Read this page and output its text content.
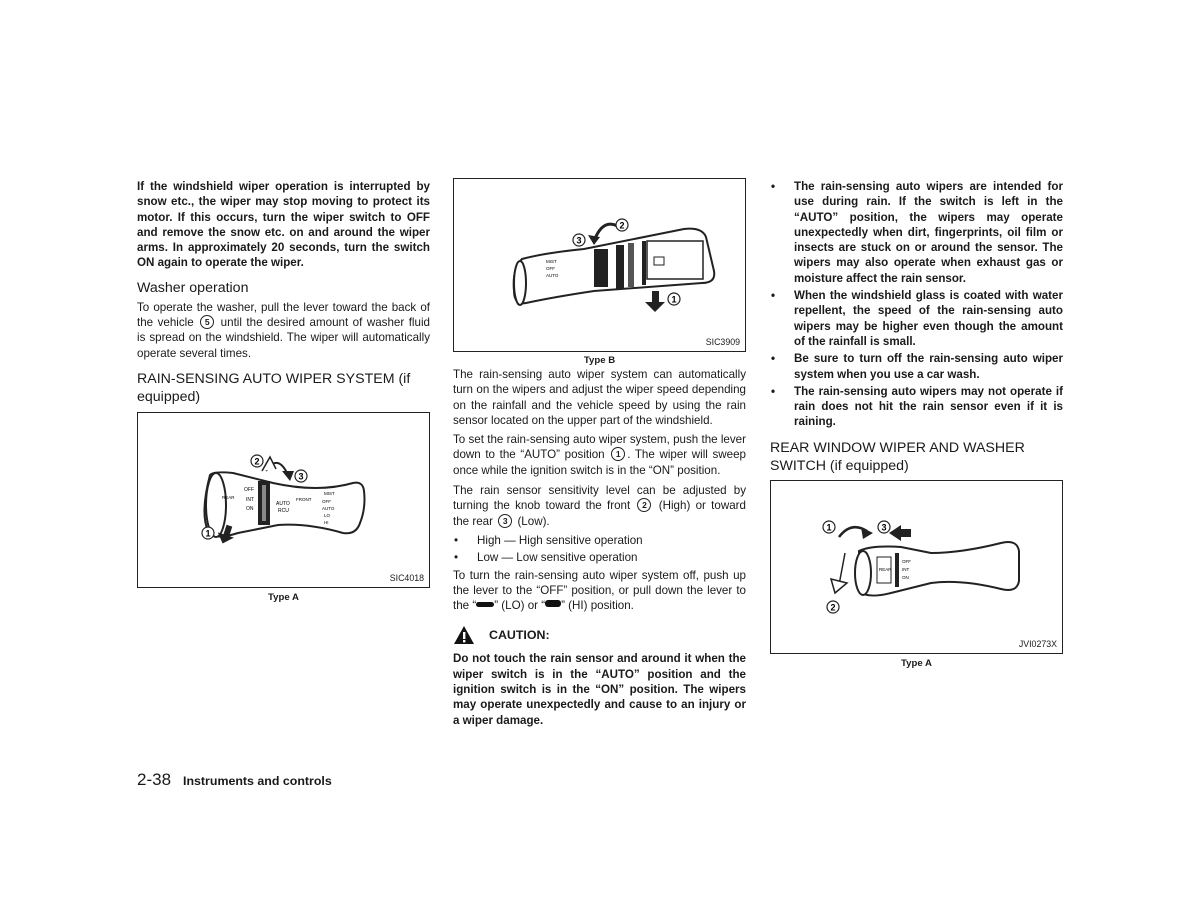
If the windshield wiper operation is interrupted by snow etc., the wiper may stop moving to protect its motor. If this occurs, turn the wiper switch to OFF and remove the snow etc. on and around the wiper arms. In approximately 20 seconds, turn the switch ON again to operate the wiper.

Washer operation

To operate the washer, pull the lever toward the back of the vehicle 5 until the desired amount of washer fluid is spread on the windshield. The wiper will automatically operate several times.

RAIN-SENSING AUTO WIPER SYSTEM (if equipped)
OFF
INT
ON
REAR
AUTO
RCU
FRONT
MIST
OFF
AUTO
LO
HI
2
3
1
SIC4018
Type A
MIST
OFF
AUTO
2
3
1
SIC3909
Type B

The rain-sensing auto wiper system can automatically turn on the wipers and adjust the wiper speed depending on the rainfall and the vehicle speed by using the rain sensor located on the upper part of the windshield.

To set the rain-sensing auto wiper system, push the lever down to the “AUTO” position 1 . The wiper will sweep once while the ignition switch is in the “ON” position.

The rain sensor sensitivity level can be adjusted by turning the knob toward the front 2 (High) or toward the rear 3 (Low).

• High — High sensitive operation
• Low — Low sensitive operation

To turn the rain-sensing auto wiper system off, push up the lever to the “OFF” position, or pull down the lever to the “ ” (LO) or “ ” (HI) position.

CAUTION:

Do not touch the rain sensor and around it when the wiper switch is in the “AUTO” position and the ignition switch is in the “ON” position. The wipers may operate unexpectedly and cause to an injury or a wiper damage.

• The rain-sensing auto wipers are intended for use during rain. If the switch is left in the “AUTO” position, the wipers may operate unexpectedly when dirt, fingerprints, oil film or insects are stuck on or around the sensor. The wipers may also operate when exhaust gas or moisture affect the rain sensor.
• When the windshield glass is coated with water repellent, the speed of the rain-sensing auto wipers may be higher even though the amount of the rainfall is small.
• Be sure to turn off the rain-sensing auto wiper system when you use a car wash.
• The rain-sensing auto wipers may not operate if rain does not hit the rain sensor even if it is raining.
REAR WINDOW WIPER AND WASHER SWITCH (if equipped)
REAR
OFF
INT
ON
1	3
2
JVI0273X
Type A
2-38 Instruments and controls
